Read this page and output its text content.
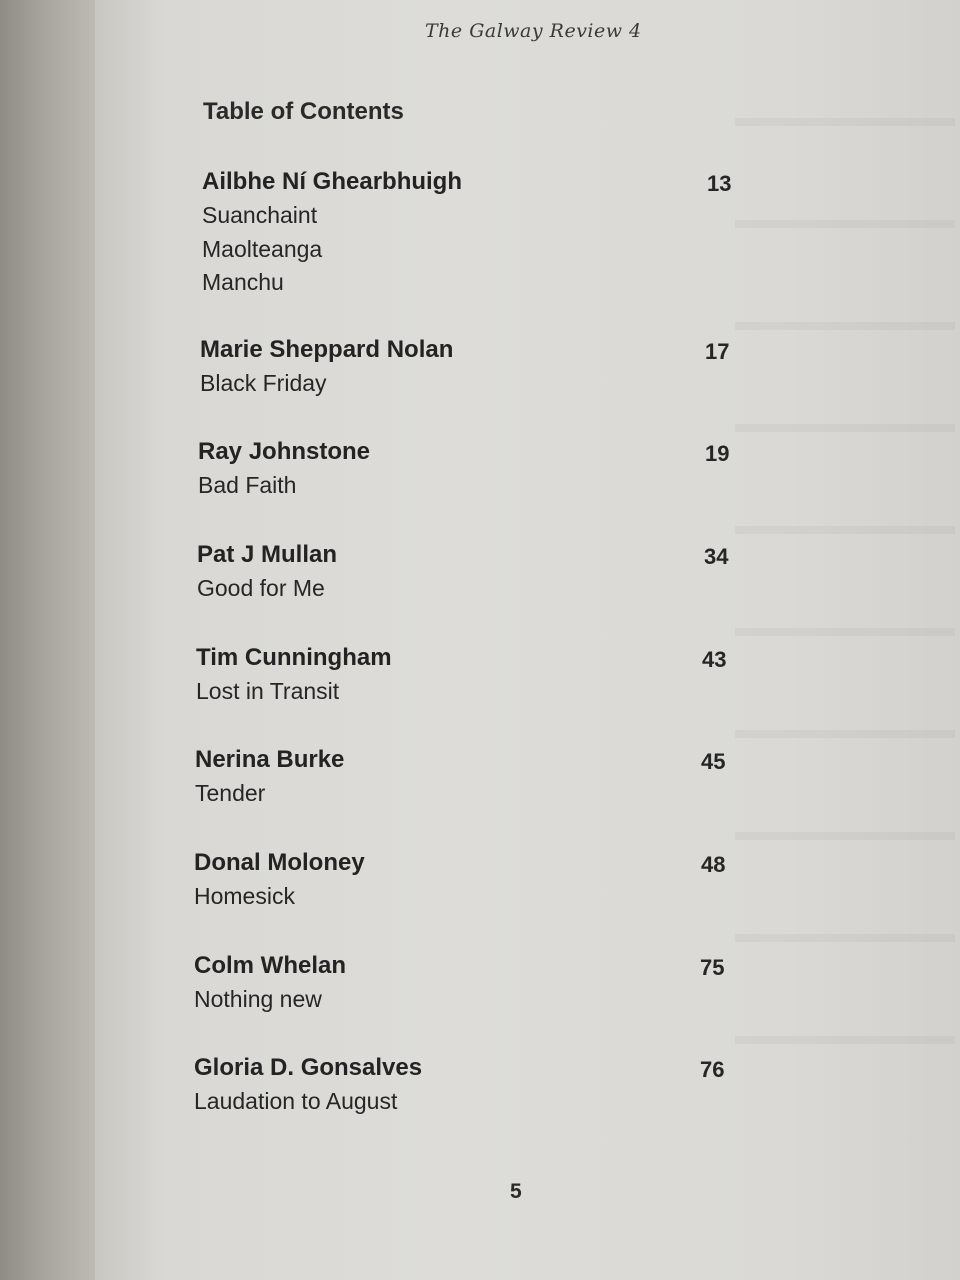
The Galway Review 4
Table of Contents
Ailbhe Ní Ghearbhuigh
Suanchaint
Maolteanga
Manchu
13
Marie Sheppard Nolan
Black Friday
17
Ray Johnstone
Bad Faith
19
Pat J Mullan
Good for Me
34
Tim Cunningham
Lost in Transit
43
Nerina Burke
Tender
45
Donal Moloney
Homesick
48
Colm Whelan
Nothing new
75
Gloria D. Gonsalves
Laudation to August
76
5
